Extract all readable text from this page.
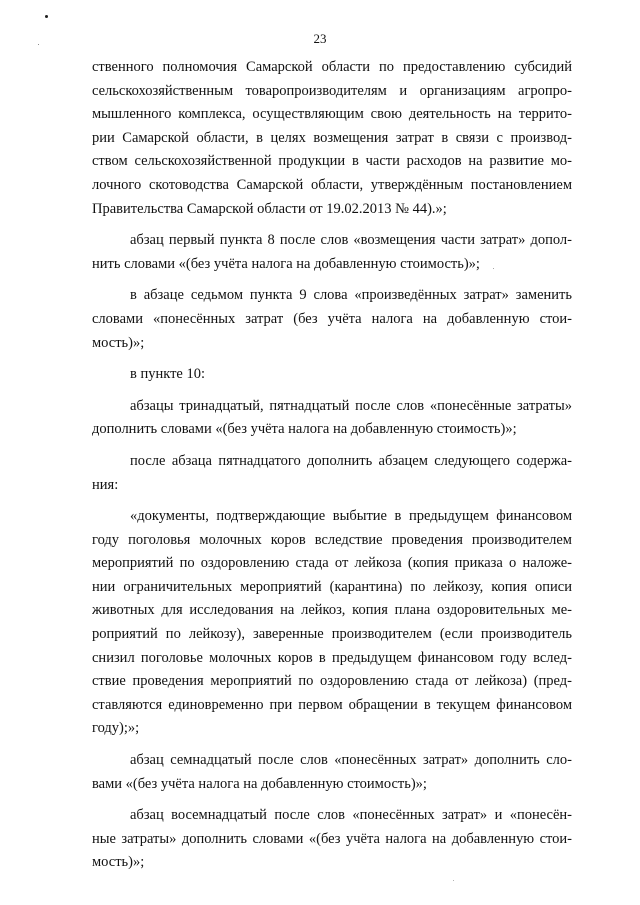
23
ственного полномочия Самарской области по предоставлению субсидий
сельскохозяйственным товаропроизводителям и организациям агропро-
мышленного комплекса, осуществляющим свою деятельность на террито-
рии Самарской области, в целях возмещения затрат в связи с производ-
ством сельскохозяйственной продукции в части расходов на развитие мо-
лочного скотоводства Самарской области, утверждённым постановлением
Правительства Самарской области от 19.02.2013 № 44).»;
абзац первый пункта 8 после слов «возмещения части затрат» допол-
нить словами «(без учёта налога на добавленную стоимость)»;
в абзаце седьмом пункта 9 слова «произведённых затрат» заменить
словами «понесённых затрат (без учёта налога на добавленную стои-
мость)»;
в пункте 10:
абзацы тринадцатый, пятнадцатый после слов «понесённые затраты»
дополнить словами «(без учёта налога на добавленную стоимость)»;
после абзаца пятнадцатого дополнить абзацем следующего содержа-
ния:
«документы, подтверждающие выбытие в предыдущем финансовом
году поголовья молочных коров вследствие проведения производителем
мероприятий по оздоровлению стада от лейкоза (копия приказа о наложе-
нии ограничительных мероприятий (карантина) по лейкозу, копия описи
животных для исследования на лейкоз, копия плана оздоровительных ме-
роприятий по лейкозу), заверенные производителем (если производитель
снизил поголовье молочных коров в предыдущем финансовом году вслед-
ствие проведения мероприятий по оздоровлению стада от лейкоза) (пред-
ставляются единовременно при первом обращении в текущем финансовом
году);»;
абзац семнадцатый после слов «понесённых затрат» дополнить сло-
вами «(без учёта налога на добавленную стоимость)»;
абзац восемнадцатый после слов «понесённых затрат» и «понесён-
ные затраты» дополнить словами «(без учёта налога на добавленную стои-
мость)»;
